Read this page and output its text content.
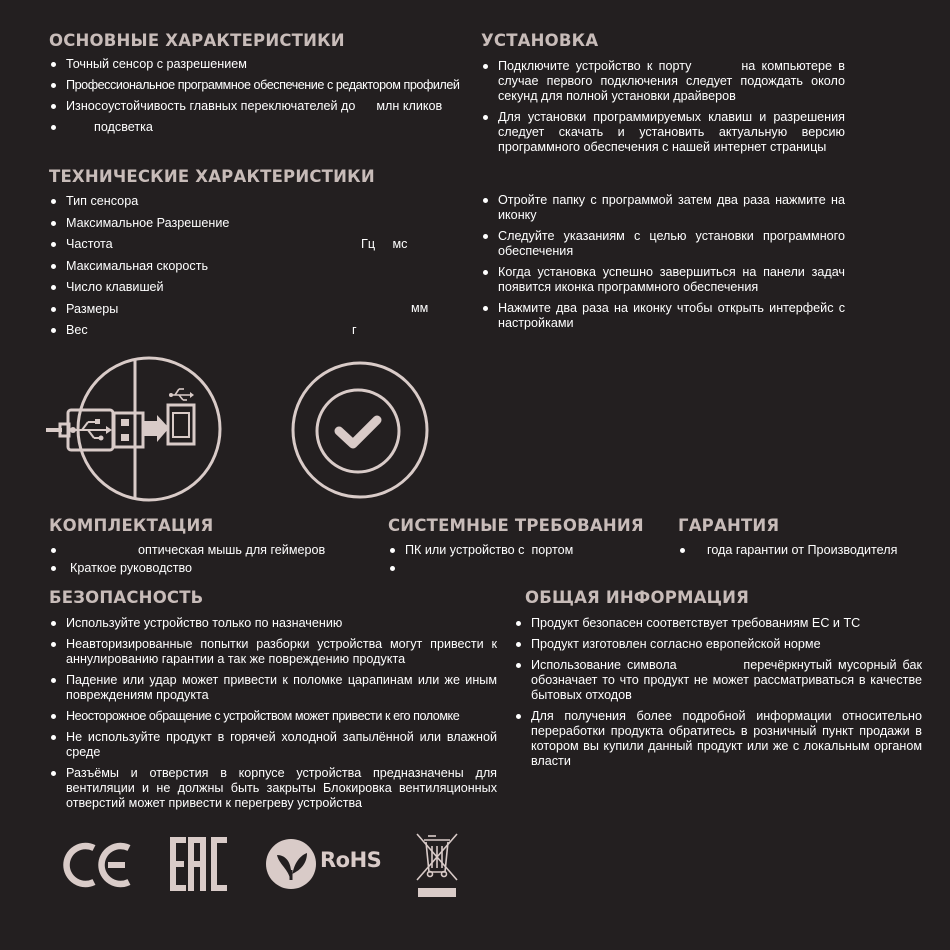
ОСНОВНЫЕ ХАРАКТЕРИСТИКИ
Точный сенсор с разрешением
Профессиональное программное обеспечение с редактором профилей
Износоустойчивость главных переключателей до      млн кликов
подсветка
ТЕХНИЧЕСКИЕ ХАРАКТЕРИСТИКИ
Тип сенсора
Максимальное Разрешение
Частота
Максимальная скорость
Число клавишей
Размеры
Вес
Гц     мс
мм
г
УСТАНОВКА
Подключите устройство к порту        на компьютере в случае первого подключения следует подождать около      секунд для полной установки драйверов
Для установки программируемых клавиш и разрешения         следует скачать и установить актуальную версию программного обеспечения с нашей интернет страницы
Отройте папку с программой затем два раза нажмите на иконку
Следуйте указаниям с целью установки программного обеспечения
Когда установка успешно завершиться на панели задач появится иконка программного обеспечения
Нажмите два раза на иконку чтобы открыть интерфейс с настройками
КОМПЛЕКТАЦИЯ
оптическая мышь для геймеров
Краткое руководство
СИСТЕМНЫЕ ТРЕБОВАНИЯ
ПК или устройство с  портом
ГАРАНТИЯ
года гарантии от Производителя
БЕЗОПАСНОСТЬ
Используйте устройство только по назначению
Неавторизированные попытки разборки устройства могут привести к аннулированию гарантии а так же повреждению продукта
Падение или удар может привести к поломке царапинам или же иным повреждениям продукта
Неосторожное обращение с устройством может привести к его поломке
Не используйте продукт в горячей холодной запылённой или влажной среде
Разъёмы и отверстия в корпусе устройства предназначены для вентиляции и не должны быть закрыты Блокировка вентиляционных отверстий может привести к перегреву устройства
ОБЩАЯ ИНФОРМАЦИЯ
Продукт безопасен соответствует требованиям ЕС и ТС
Продукт изготовлен согласно европейской норме
Использование символа           перечёркнутый мусорный бак обозначает то что продукт не может рассматриваться в качестве бытовых отходов
Для получения более подробной информации относительно переработки продукта обратитесь в розничный пункт продажи в котором вы купили данный продукт или же с локальным органом власти
RoHS
